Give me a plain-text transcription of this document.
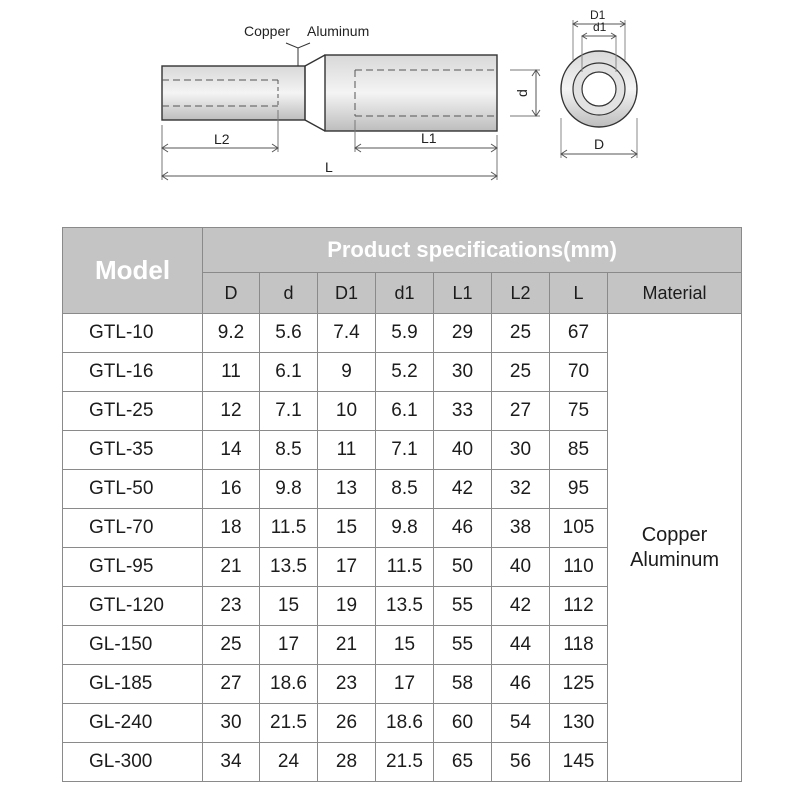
Copper Aluminum
d
L2	L1
L
D1
d1
D
Model	Product specifications(mm)							
	D	d	D1	d1	L1	L2	L	Material
GTL-10	9.2	5.6	7.4	5.9	29	25	67	Copper
Aluminum

GTL-16	11	6.1	9	5.2	30	25	70	
GTL-25	12	7.1	10	6.1	33	27	75	
GTL-35	14	8.5	11	7.1	40	30	85	
GTL-50	16	9.8	13	8.5	42	32	95	
GTL-70	18	11.5	15	9.8	46	38	105	
GTL-95	21	13.5	17	11.5	50	40	110	
GTL-120	23	15	19	13.5	55	42	112	
GL-150	25	17	21	15	55	44	118	
GL-185	27	18.6	23	17	58	46	125	
GL-240	30	21.5	26	18.6	60	54	130	
GL-300	34	24	28	21.5	65	56	145	
